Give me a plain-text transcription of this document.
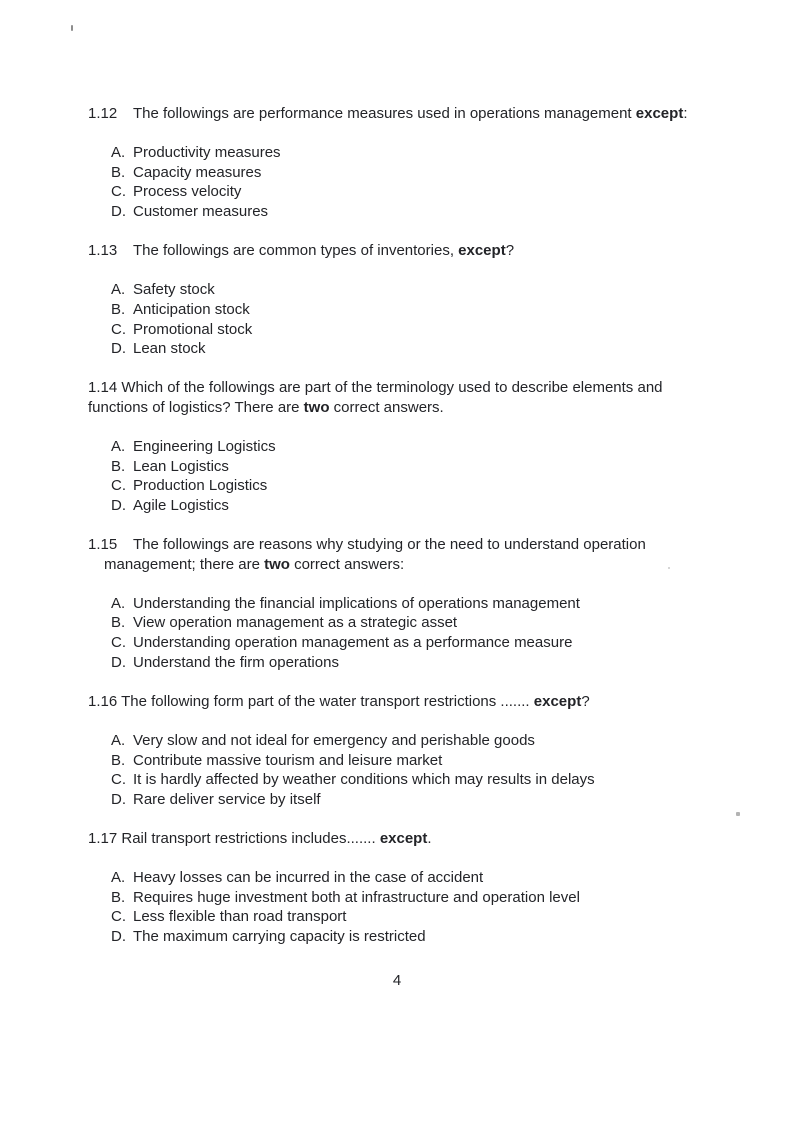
1.12 The followings are performance measures used in operations management except:
A. Productivity measures
B. Capacity measures
C. Process velocity
D. Customer measures
1.13 The followings are common types of inventories, except?
A. Safety stock
B. Anticipation stock
C. Promotional stock
D. Lean stock
1.14 Which of the followings are part of the terminology used to describe elements and
functions of logistics? There are two correct answers.
A. Engineering Logistics
B. Lean Logistics
C. Production Logistics
D. Agile Logistics
1.15 The followings are reasons why studying or the need to understand operation
management; there are two correct answers:
A. Understanding the financial implications of operations management
B. View operation management as a strategic asset
C. Understanding operation management as a performance measure
D. Understand the firm operations
1.16 The following form part of the water transport restrictions ....... except?
A. Very slow and not ideal for emergency and perishable goods
B. Contribute massive tourism and leisure market
C. It is hardly affected by weather conditions which may results in delays
D. Rare deliver service by itself
1.17 Rail transport restrictions includes....... except.
A. Heavy losses can be incurred in the case of accident
B. Requires huge investment both at infrastructure and operation level
C. Less flexible than road transport
D. The maximum carrying capacity is restricted
4
